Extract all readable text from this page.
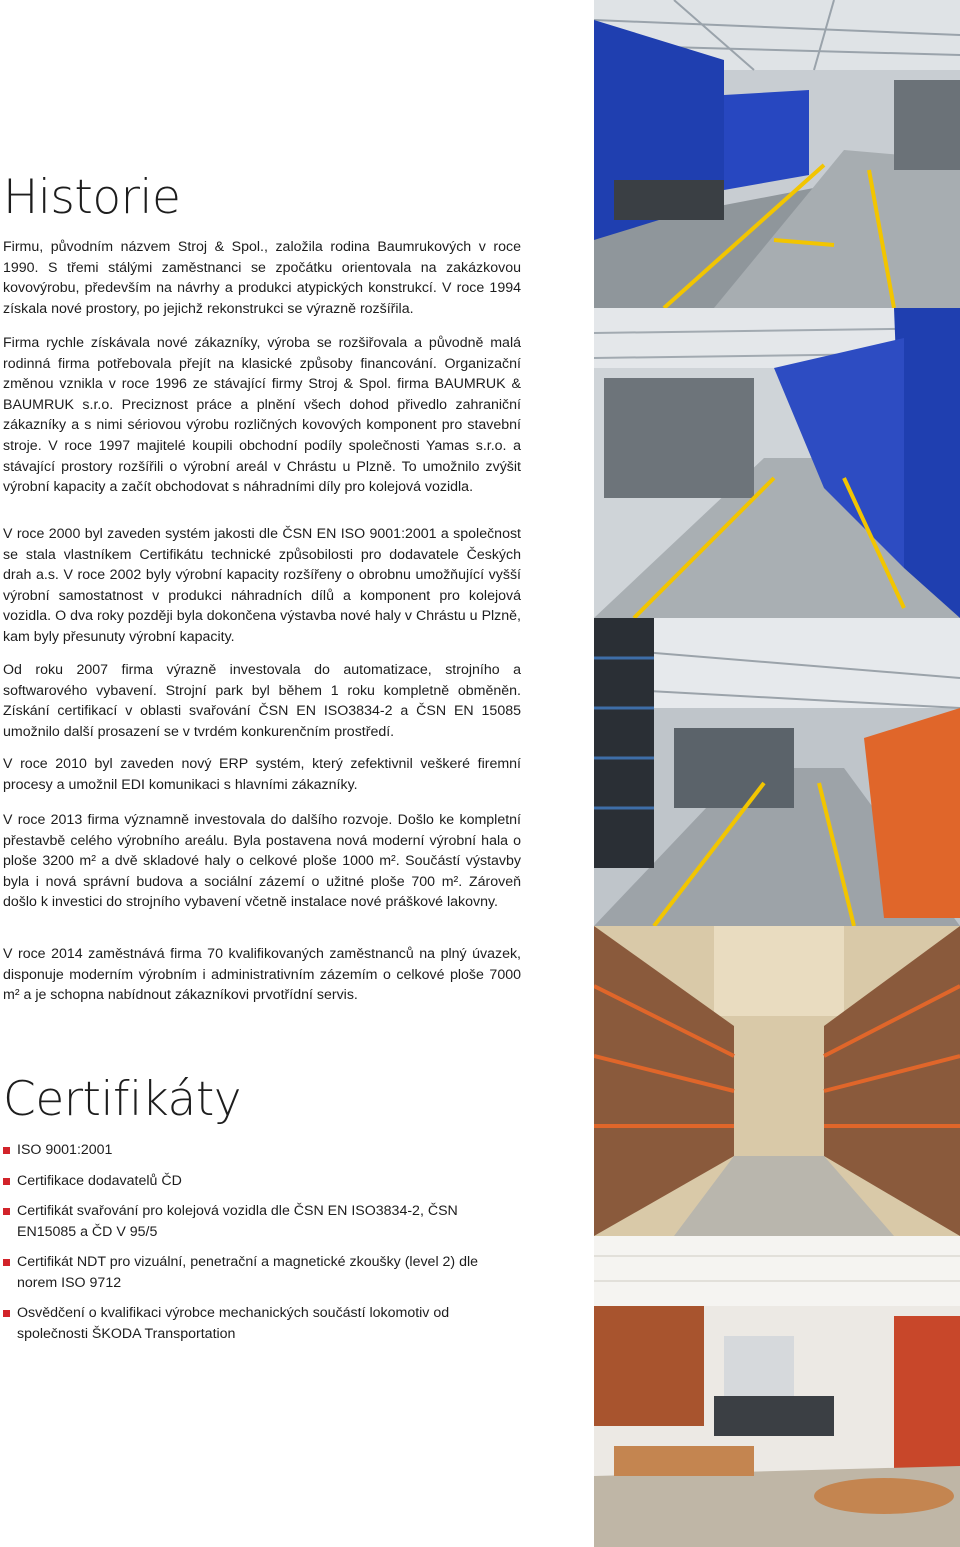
Historie

Firmu, původním názvem Stroj & Spol., založila rodina Baumrukových v roce 1990. S třemi stálými zaměstnanci se zpočátku orientovala na zakázkovou kovovýrobu, především na návrhy a produkci atypických konstrukcí. V roce 1994 získala nové prostory, po jejichž rekonstrukci se výrazně rozšířila.

Firma rychle získávala nové zákazníky, výroba se rozšiřovala a původně malá rodinná firma potřebovala přejít na klasické způsoby financování. Organizační změnou vznikla v roce 1996 ze stávající firmy Stroj & Spol. firma BAUMRUK & BAUMRUK s.r.o. Preciznost práce a plnění všech dohod přivedlo zahraniční zákazníky a s nimi sériovou výrobu rozličných kovových komponent pro stavební stroje. V roce 1997 majitelé koupili obchodní podíly společnosti Yamas s.r.o. a stávající prostory rozšířili o výrobní areál v Chrástu u Plzně. To umožnilo zvýšit výrobní kapacity a začít obchodovat s náhradními díly pro kolejová vozidla.

V roce 2000 byl zaveden systém jakosti dle ČSN EN ISO 9001:2001 a společnost se stala vlastníkem Certifikátu technické způsobilosti pro dodavatele Českých drah a.s. V roce 2002 byly výrobní kapacity rozšířeny o obrobnu umožňující vyšší výrobní samostatnost v produkci náhradních dílů a komponent pro kolejová vozidla. O dva roky později byla dokončena výstavba nové haly v Chrástu u Plzně, kam byly přesunuty výrobní kapacity.

Od roku 2007 firma výrazně investovala do automatizace, strojního a softwarového vybavení. Strojní park byl během 1 roku kompletně obměněn. Získání certifikací v oblasti svařování ČSN EN ISO3834-2 a ČSN EN 15085 umožnilo další prosazení se v tvrdém konkurenčním prostředí.

V roce 2010 byl zaveden nový ERP systém, který zefektivnil veškeré firemní procesy a umožnil EDI komunikaci s hlavními zákazníky.

V roce 2013 firma významně investovala do dalšího rozvoje. Došlo ke kompletní přestavbě celého výrobního areálu. Byla postavena nová moderní výrobní hala o ploše 3200 m² a dvě skladové haly o celkové ploše 1000 m². Součástí výstavby byla i nová správní budova a sociální zázemí o užitné ploše 700 m². Zároveň došlo k investici do strojního vybavení včetně instalace nové práškové lakovny.

V roce 2014 zaměstnává firma 70 kvalifikovaných zaměstnanců na plný úvazek, disponuje moderním výrobním i administrativním zázemím o celkové ploše 7000 m² a je schopna nabídnout zákazníkovi prvotřídní servis.

Certifikáty
ISO 9001:2001
Certifikace dodavatelů ČD
Certifikát svařování pro kolejová vozidla dle ČSN EN ISO3834-2, ČSN EN15085 a ČD V 95/5
Certifikát NDT pro vizuální, penetrační a magnetické zkoušky (level 2) dle norem ISO 9712
Osvědčení o kvalifikaci výrobce mechanických součástí lokomotiv od společnosti ŠKODA Transportation
